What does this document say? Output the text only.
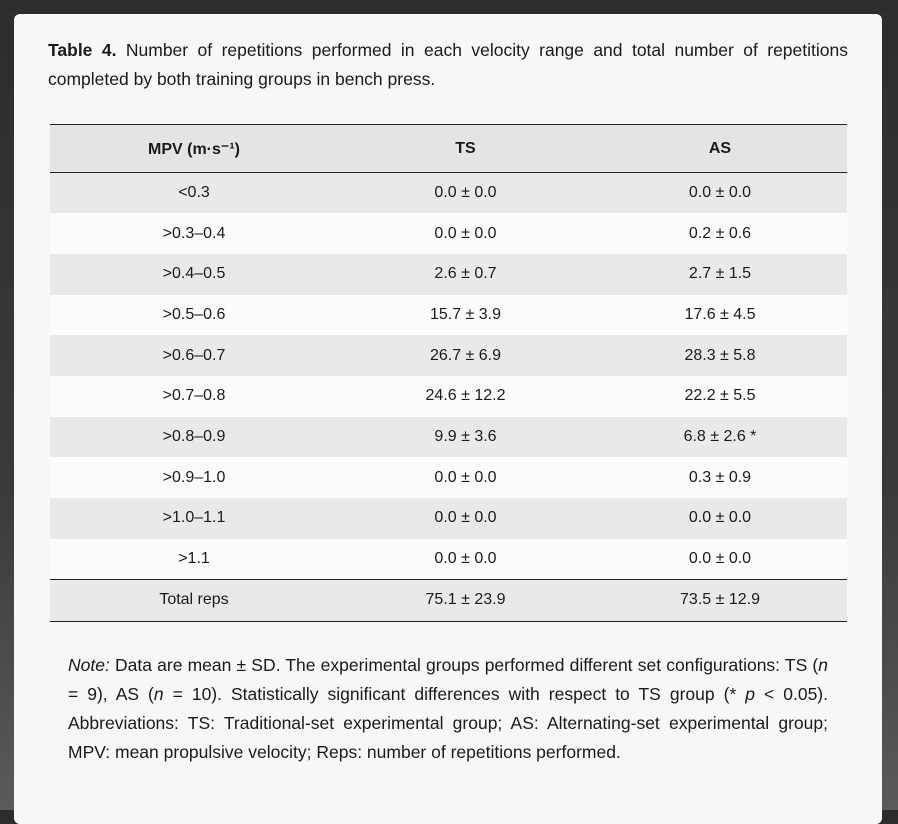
Table 4. Number of repetitions performed in each velocity range and total number of repetitions completed by both training groups in bench press.
MPV (m·s⁻¹)	TS	AS
<0.3	0.0 ± 0.0	0.0 ± 0.0
>0.3–0.4	0.0 ± 0.0	0.2 ± 0.6
>0.4–0.5	2.6 ± 0.7	2.7 ± 1.5
>0.5–0.6	15.7 ± 3.9	17.6 ± 4.5
>0.6–0.7	26.7 ± 6.9	28.3 ± 5.8
>0.7–0.8	24.6 ± 12.2	22.2 ± 5.5
>0.8–0.9	9.9 ± 3.6	6.8 ± 2.6 *
>0.9–1.0	0.0 ± 0.0	0.3 ± 0.9
>1.0–1.1	0.0 ± 0.0	0.0 ± 0.0
>1.1	0.0 ± 0.0	0.0 ± 0.0
Total reps	75.1 ± 23.9	73.5 ± 12.9
Note: Data are mean ± SD. The experimental groups performed different set configurations: TS (n = 9), AS (n = 10). Statistically significant differences with respect to TS group (* p < 0.05). Abbreviations: TS: Traditional-set experimental group; AS: Alternating-set experimental group; MPV: mean propulsive velocity; Reps: number of repetitions performed.
